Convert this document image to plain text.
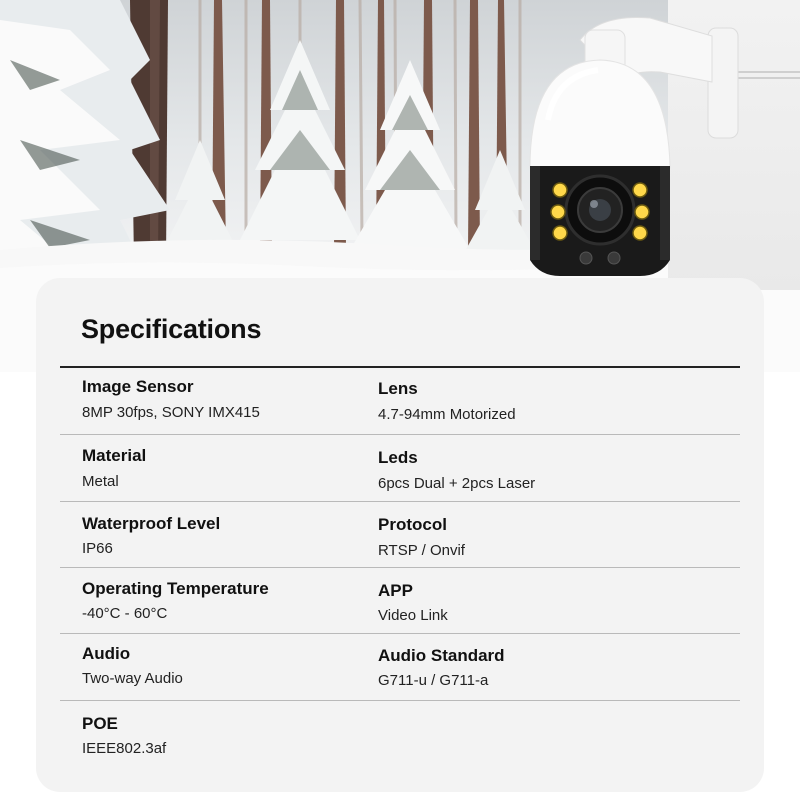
Specifications
Image Sensor
8MP 30fps, SONY IMX415
Lens
4.7-94mm Motorized
Material
Metal
Leds
6pcs Dual + 2pcs Laser
Waterproof Level
IP66
Protocol
RTSP / Onvif
Operating Temperature
-40°C - 60°C
APP
Video Link
Audio
Two-way Audio
Audio Standard
G711-u / G711-a
POE
IEEE802.3af
